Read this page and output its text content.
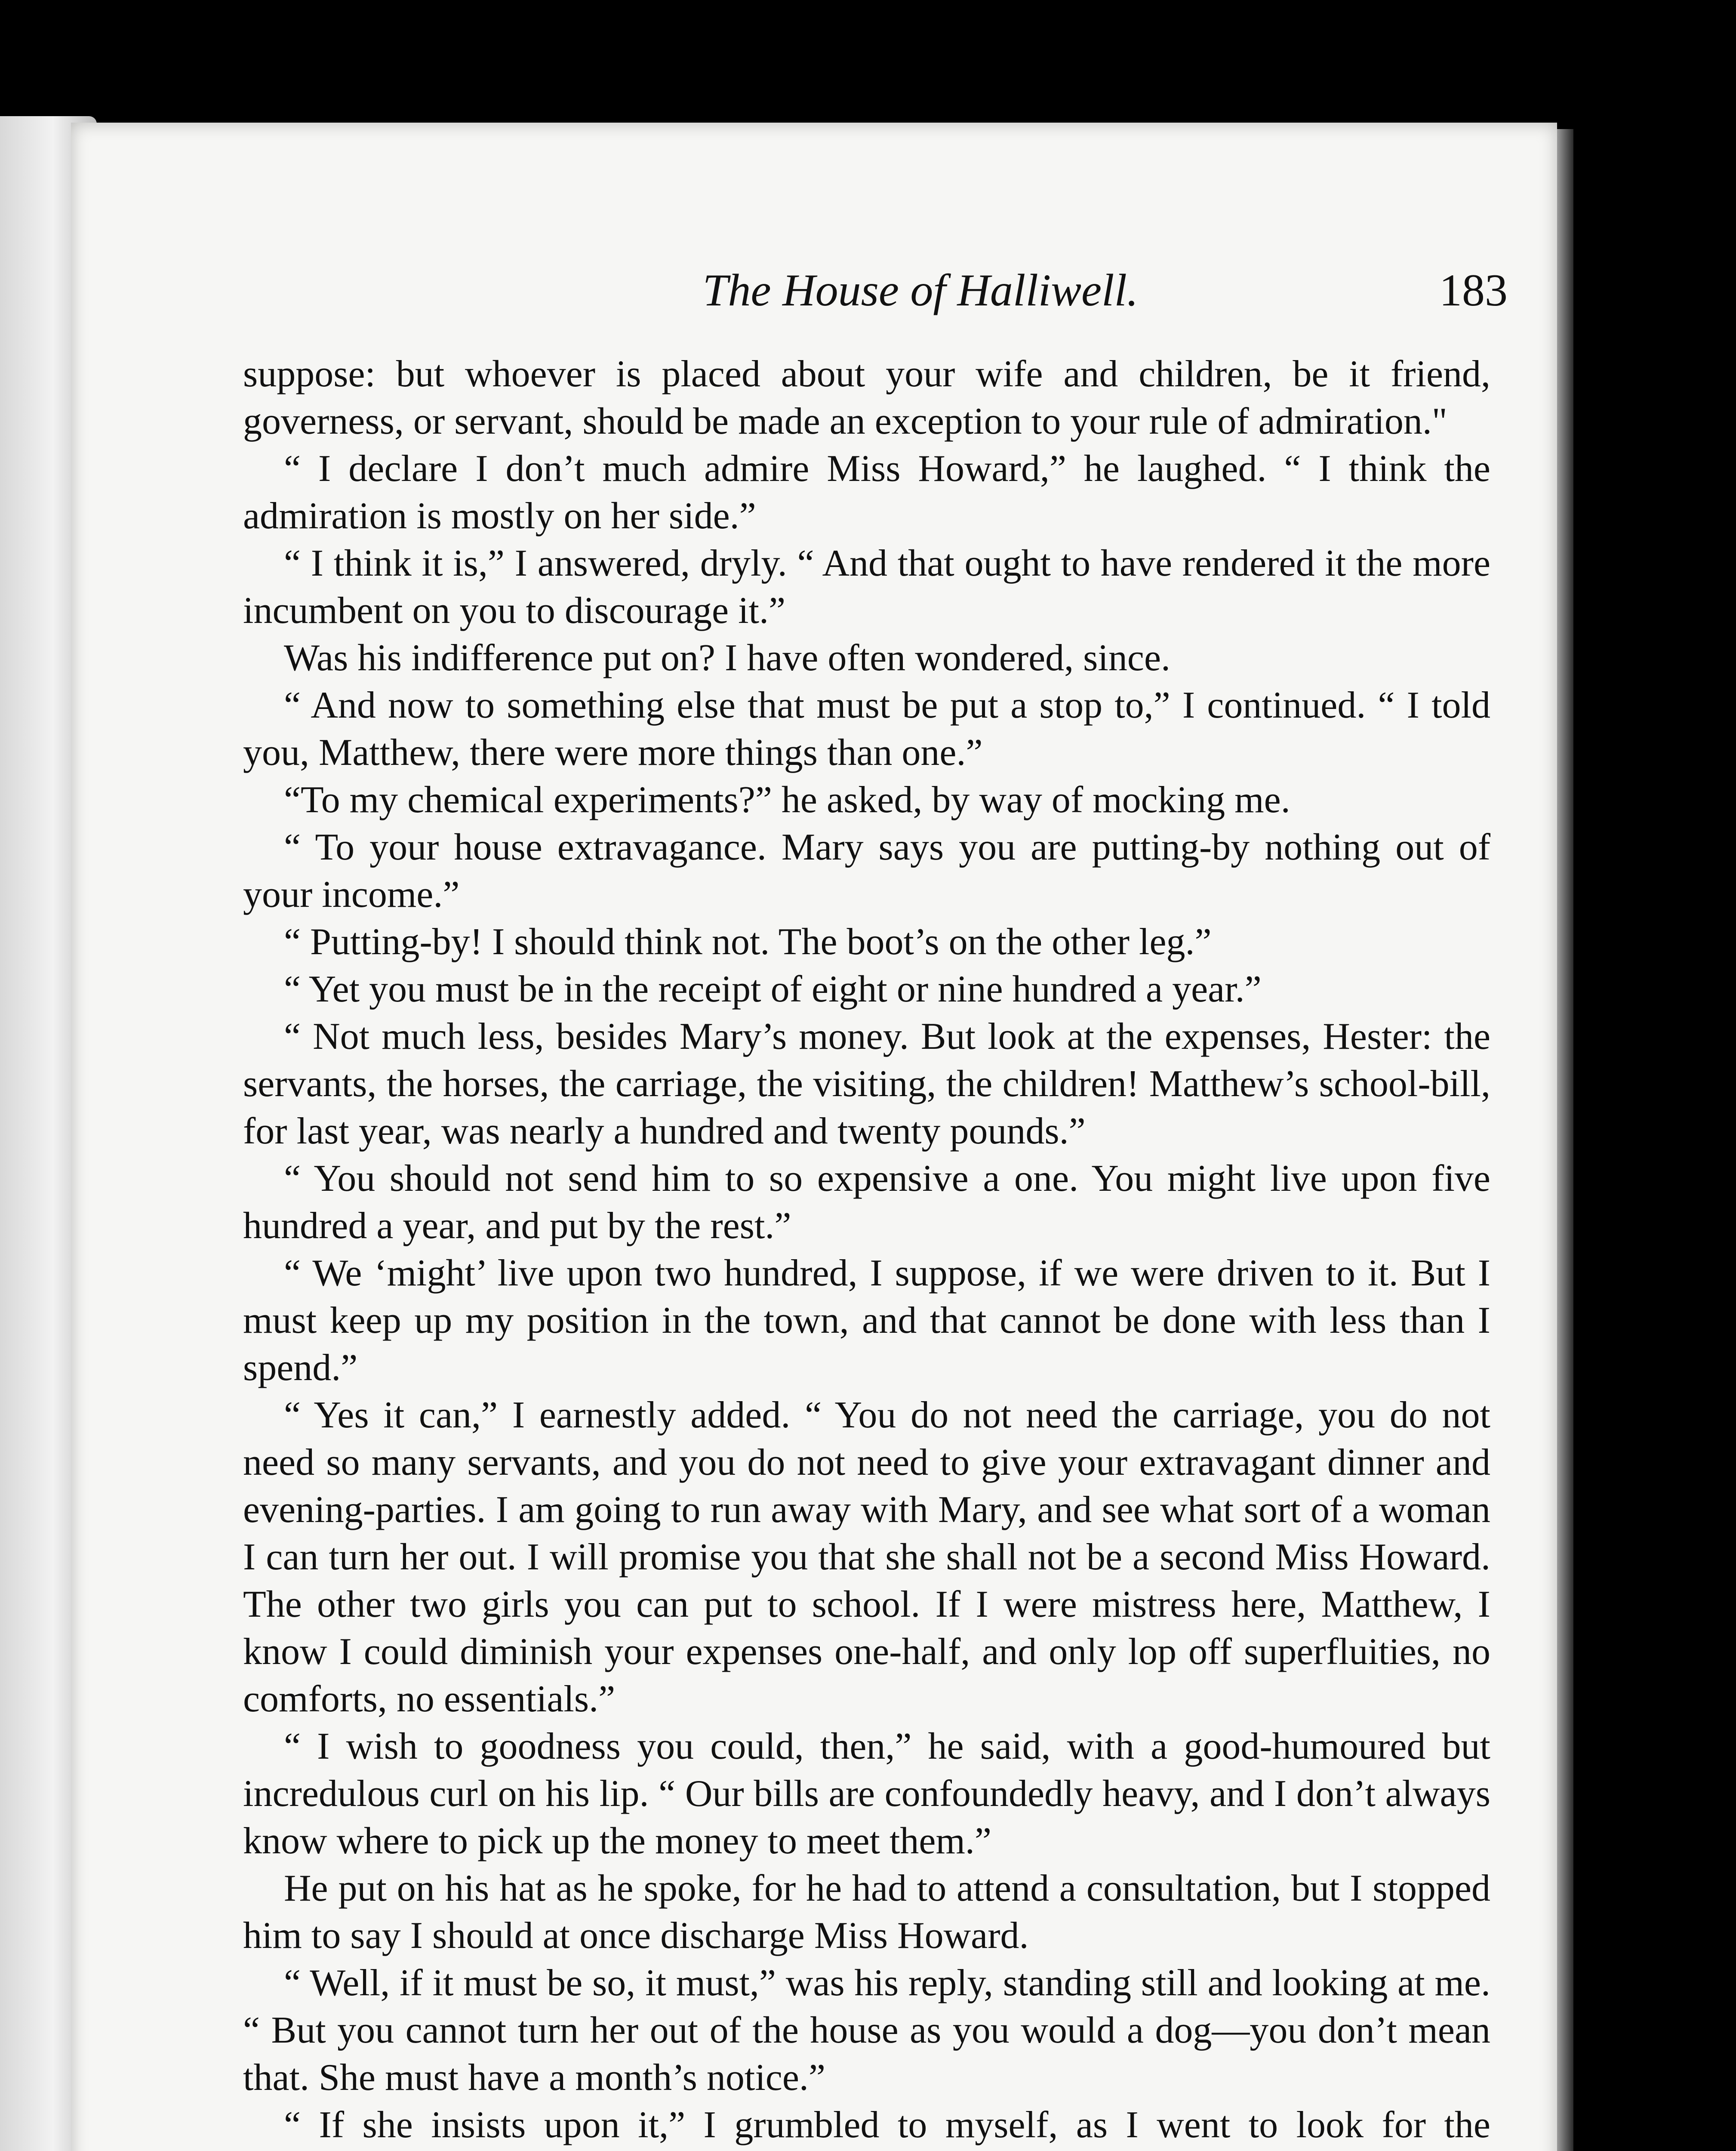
The House of Halliwell.	183

suppose: but whoever is placed about your wife and children, be it friend, governess, or servant, should be made an exception to your rule of admiration."

“ I declare I don’t much admire Miss Howard,” he laughed. “ I think the admiration is mostly on her side.”

“ I think it is,” I answered, dryly. “ And that ought to have rendered it the more incumbent on you to discourage it.”

Was his indifference put on? I have often wondered, since.

“ And now to something else that must be put a stop to,” I continued. “ I told you, Matthew, there were more things than one.”

“To my chemical experiments?” he asked, by way of mocking me.

“ To your house extravagance. Mary says you are putting-by nothing out of your income.”

“ Putting-by! I should think not. The boot’s on the other leg.”

“ Yet you must be in the receipt of eight or nine hundred a year.”

“ Not much less, besides Mary’s money. But look at the expenses, Hester: the servants, the horses, the carriage, the visiting, the children! Matthew’s school-bill, for last year, was nearly a hundred and twenty pounds.”

“ You should not send him to so expensive a one. You might live upon five hundred a year, and put by the rest.”

“ We ‘might’ live upon two hundred, I suppose, if we were driven to it. But I must keep up my position in the town, and that cannot be done with less than I spend.”

“ Yes it can,” I earnestly added. “ You do not need the carriage, you do not need so many servants, and you do not need to give your extravagant dinner and evening-parties. I am going to run away with Mary, and see what sort of a woman I can turn her out. I will promise you that she shall not be a second Miss Howard. The other two girls you can put to school. If I were mistress here, Matthew, I know I could diminish your expenses one-half, and only lop off superfluities, no comforts, no essentials.”

“ I wish to goodness you could, then,” he said, with a good-humoured but incredulous curl on his lip. “ Our bills are confoundedly heavy, and I don’t always know where to pick up the money to meet them.”

He put on his hat as he spoke, for he had to attend a consultation, but I stopped him to say I should at once discharge Miss Howard.

“ Well, if it must be so, it must,” was his reply, standing still and looking at me. “ But you cannot turn her out of the house as you would a dog—you don’t mean that. She must have a month’s notice.”

“ If she insists upon it,” I grumbled to myself, as I went to look for the
